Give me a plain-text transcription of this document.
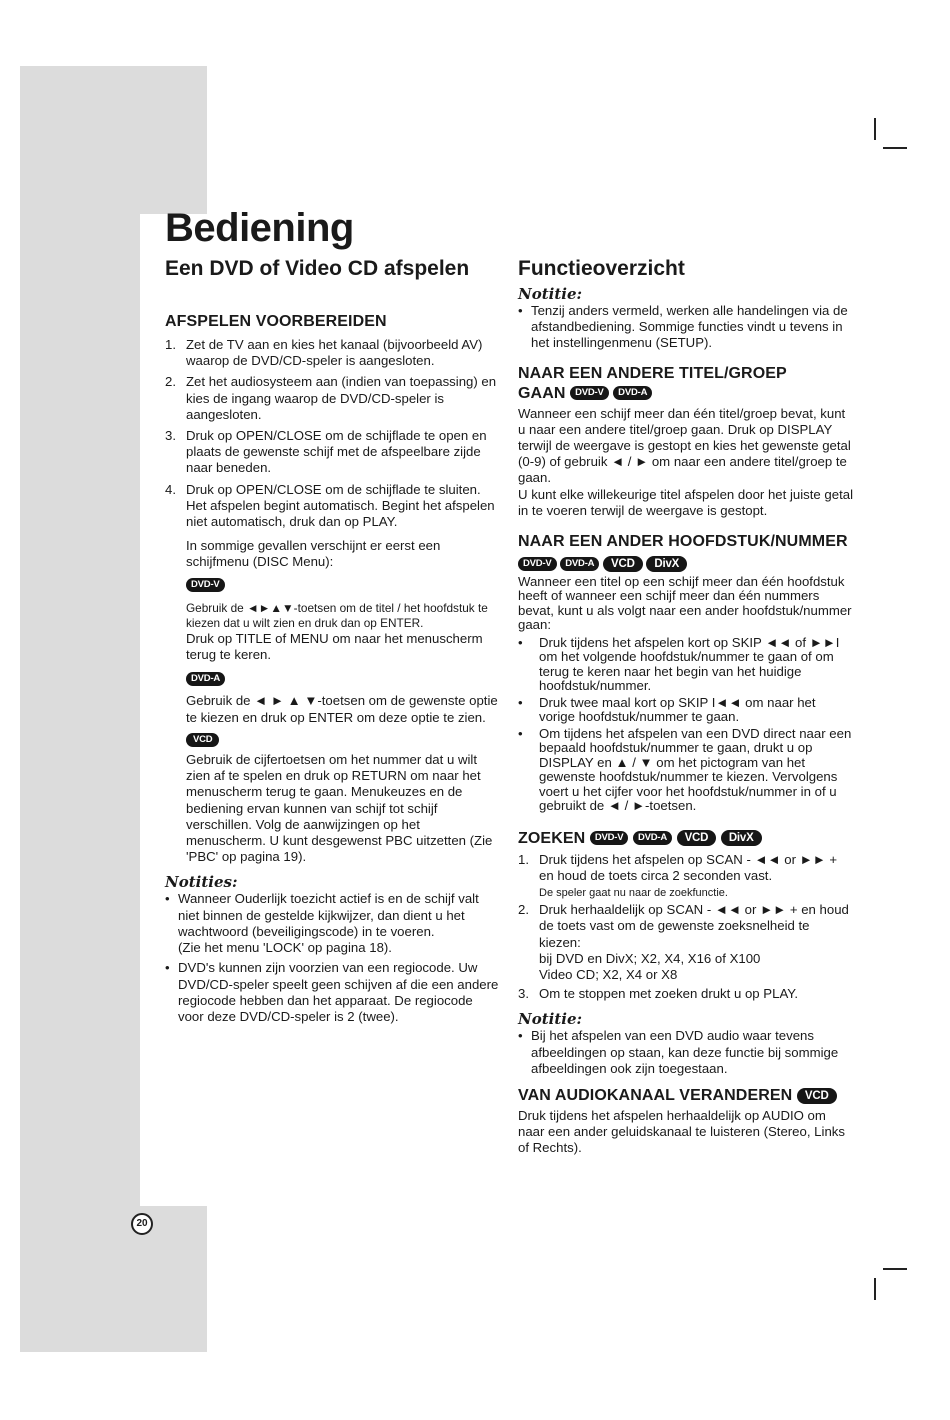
Bediening
Een DVD of Video CD afspelen
AFSPELEN VOORBEREIDEN
1. Zet de TV aan en kies het kanaal (bijvoorbeeld AV) waarop de DVD/CD-speler is aangesloten.
2. Zet het audiosysteem aan (indien van toepassing) en kies de ingang waarop de DVD/CD-speler is aangesloten.
3. Druk op OPEN/CLOSE om de schijflade te open en plaats de gewenste schijf met de afspeelbare zijde naar beneden.
4. Druk op OPEN/CLOSE om de schijflade te sluiten. Het afspelen begint automatisch. Begint het afspelen niet automatisch, druk dan op PLAY.

In sommige gevallen verschijnt er eerst een schijfmenu (DISC Menu):

DVD-V

Gebruik de ◄►▲▼-toetsen om de titel / het hoofdstuk te kiezen dat u wilt zien en druk dan op ENTER.

Druk op TITLE of MENU om naar het menuscherm terug te keren.

DVD-A

Gebruik de ◄ ► ▲ ▼-toetsen om de gewenste optie te kiezen en druk op ENTER om deze optie te zien.

VCD

Gebruik de cijfertoetsen om het nummer dat u wilt zien af te spelen en druk op RETURN om naar het menuscherm terug te gaan. Menukeuzes en de bediening ervan kunnen van schijf tot schijf verschillen. Volg de aanwijzingen op het menuscherm. U kunt desgewenst PBC uitzetten (Zie 'PBC' op pagina 19).

Notities:
• Wanneer Ouderlijk toezicht actief is en de schijf valt niet binnen de gestelde kijkwijzer, dan dient u het wachtwoord (beveiligingscode) in te voeren.
(Zie het menu 'LOCK' op pagina 18).
• DVD's kunnen zijn voorzien van een regiocode. Uw DVD/CD-speler speelt geen schijven af die een andere regiocode hebben dan het apparaat. De regiocode voor deze DVD/CD-speler is 2 (twee).
Functieoverzicht
Notitie:
• Tenzij anders vermeld, werken alle handelingen via de afstandbediening. Sommige functies vindt u tevens in het instellingenmenu (SETUP).
NAAR EEN ANDERE TITEL/GROEP
GAAN DVD-V DVD-A

Wanneer een schijf meer dan één titel/groep bevat, kunt u naar een andere titel/groep gaan. Druk op DISPLAY terwijl de weergave is gestopt en kies het gewenste getal (0-9) of gebruik ◄ / ► om naar een andere titel/groep te gaan.

U kunt elke willekeurige titel afspelen door het juiste getal in te voeren terwijl de weergave is gestopt.

NAAR EEN ANDER HOOFDSTUK/NUMMER
DVD-V DVD-A VCD DivX

Wanneer een titel op een schijf meer dan één hoofdstuk heeft of wanneer een schijf meer dan één nummers bevat, kunt u als volgt naar een ander hoofdstuk/nummer gaan:

• Druk tijdens het afspelen kort op SKIP ◄◄ of ►►I om het volgende hoofdstuk/nummer te gaan of om terug te keren naar het begin van het huidige hoofdstuk/nummer.
• Druk twee maal kort op SKIP I◄◄ om naar het vorige hoofdstuk/nummer te gaan.
• Om tijdens het afspelen van een DVD direct naar een bepaald hoofdstuk/nummer te gaan, drukt u op DISPLAY en ▲ / ▼ om het pictogram van het gewenste hoofdstuk/nummer te kiezen. Vervolgens voert u het cijfer voor het hoofdstuk/nummer in of u gebruikt de ◄ / ►-toetsen.
ZOEKEN DVD-V DVD-A VCD DivX
1. Druk tijdens het afspelen op SCAN - ◄◄ or ►► + en houd de toets circa 2 seconden vast.
De speler gaat nu naar de zoekfunctie.
2. Druk herhaaldelijk op SCAN - ◄◄ or ►► + en houd de toets vast om de gewenste zoeksnelheid te kiezen:
bij DVD en DivX; X2, X4, X16 of X100
Video CD; X2, X4 or X8
3. Om te stoppen met zoeken drukt u op PLAY.
Notitie:
• Bij het afspelen van een DVD audio waar tevens afbeeldingen op staan, kan deze functie bij sommige afbeeldingen ook zijn toegestaan.
VAN AUDIOKANAAL VERANDEREN VCD

Druk tijdens het afspelen herhaaldelijk op AUDIO om naar een ander geluidskanaal te luisteren (Stereo, Links of Rechts).

20
